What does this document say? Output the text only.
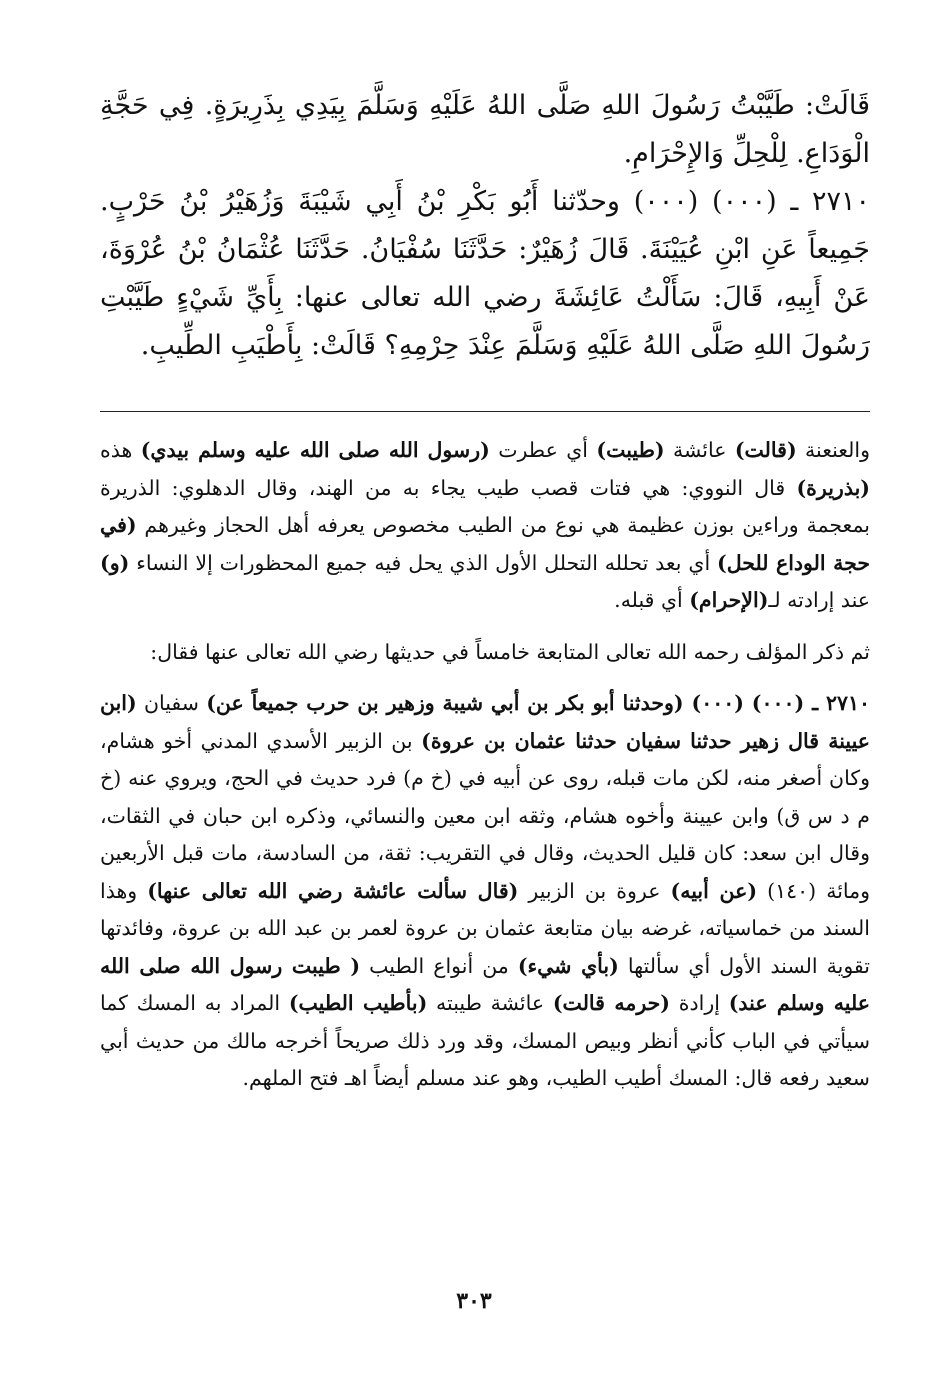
قَالَتْ: طَيَّبْتُ رَسُولَ اللهِ صَلَّى اللهُ عَلَيْهِ وَسَلَّمَ بِيَدِي بِذَرِيرَةٍ. فِي حَجَّةِ الْوَدَاعِ. لِلْحِلِّ وَالإِحْرَامِ.

٢٧١٠ ـ (٠٠٠) (٠٠٠) وحدّثنا أَبُو بَكْرِ بْنُ أَبِي شَيْبَةَ وَزُهَيْرُ بْنُ حَرْبٍ. جَمِيعاً عَنِ ابْنِ عُيَيْنَةَ. قَالَ زُهَيْرٌ: حَدَّثَنَا سُفْيَانُ. حَدَّثَنَا عُثْمَانُ بْنُ عُرْوَةَ، عَنْ أَبِيهِ، قَالَ: سَأَلْتُ عَائِشَةَ رضي الله تعالى عنها: بِأَيِّ شَيْءٍ طَيَّبْتِ رَسُولَ اللهِ صَلَّى اللهُ عَلَيْهِ وَسَلَّمَ عِنْدَ حِرْمِهِ؟ قَالَتْ: بِأَطْيَبِ الطِّيبِ.

والعنعنة (قالت) عائشة (طيبت) أي عطرت (رسول الله صلى الله عليه وسلم بيدي) هذه (بذريرة) قال النووي: هي فتات قصب طيب يجاء به من الهند، وقال الدهلوي: الذريرة بمعجمة وراءين بوزن عظيمة هي نوع من الطيب مخصوص يعرفه أهل الحجاز وغيرهم (في حجة الوداع للحل) أي بعد تحلله التحلل الأول الذي يحل فيه جميع المحظورات إلا النساء (و) عند إرادته لـ(الإحرام) أي قبله.

ثم ذكر المؤلف رحمه الله تعالى المتابعة خامساً في حديثها رضي الله تعالى عنها فقال:

٢٧١٠ ـ (٠٠٠) (٠٠٠) (وحدثنا أبو بكر بن أبي شيبة وزهير بن حرب جميعاً عن) سفيان (ابن عيينة قال زهير حدثنا سفيان حدثنا عثمان بن عروة) بن الزبير الأسدي المدني أخو هشام، وكان أصغر منه، لكن مات قبله، روى عن أبيه في (خ م) فرد حديث في الحج، ويروي عنه (خ م د س ق) وابن عيينة وأخوه هشام، وثقه ابن معين والنسائي، وذكره ابن حبان في الثقات، وقال ابن سعد: كان قليل الحديث، وقال في التقريب: ثقة، من السادسة، مات قبل الأربعين ومائة (١٤٠) (عن أبيه) عروة بن الزبير (قال سألت عائشة رضي الله تعالى عنها) وهذا السند من خماسياته، غرضه بيان متابعة عثمان بن عروة لعمر بن عبد الله بن عروة، وفائدتها تقوية السند الأول أي سألتها (بأي شيء) من أنواع الطيب ( طيبت رسول الله صلى الله عليه وسلم عند) إرادة (حرمه قالت) عائشة طيبته (بأطيب الطيب) المراد به المسك كما سيأتي في الباب كأني أنظر وبيص المسك، وقد ورد ذلك صريحاً أخرجه مالك من حديث أبي سعيد رفعه قال: المسك أطيب الطيب، وهو عند مسلم أيضاً اهـ فتح الملهم.

٣٠٣
